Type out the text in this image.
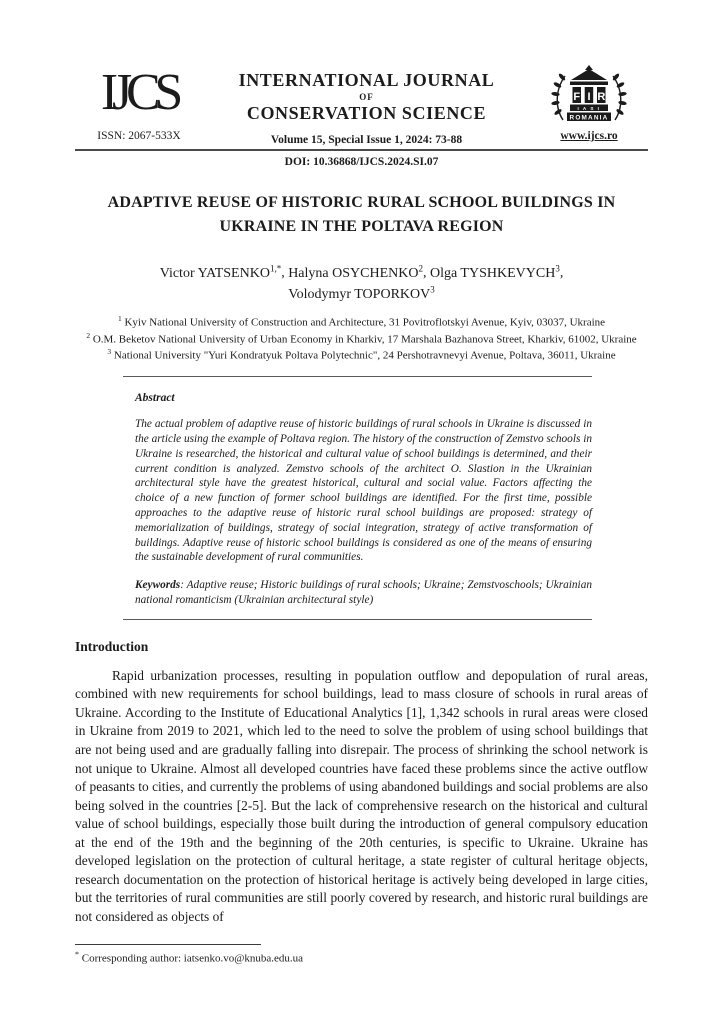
IJCS
ISSN: 2067-533X
INTERNATIONAL JOURNAL
OF
CONSERVATION SCIENCE
Volume 15, Special Issue 1, 2024: 73-88
F I R
I A S I
ROMANIA
www.ijcs.ro
DOI: 10.36868/IJCS.2024.SI.07
ADAPTIVE REUSE OF HISTORIC RURAL SCHOOL BUILDINGS IN
UKRAINE IN THE POLTAVA REGION
Victor $YATSENKO^{1,*}$, Halyna OSYCHENKO$^2$, Olga TYSHKEVYCH$^3$,
Volodymyr TOPORKOV$^3$
$^1$ Kyiv National University of Construction and Architecture, 31 Povitroflotskyi Avenue, Kyiv, 03037, Ukraine
$^2$ O.M. Beketov National University of Urban Economy in Kharkiv, 17 Marshala Bazhanova Street, Kharkiv, 61002, Ukraine
$^3$ National University "Yuri Kondratyuk Poltava Polytechnic", 24 Pershotravnevyi Avenue, Poltava, 36011, Ukraine
Abstract

The actual problem of adaptive reuse of historic buildings of rural schools in Ukraine is discussed in the article using the example of Poltava region. The history of the construction of Zemstvo schools in Ukraine is researched, the historical and cultural value of school buildings is determined, and their current condition is analyzed. Zemstvo schools of the architect O. Slastion in the Ukrainian architectural style have the greatest historical, cultural and social value. Factors affecting the choice of a new function of former school buildings are identified. For the first time, possible approaches to the adaptive reuse of historic rural school buildings are proposed: strategy of memorialization of buildings, strategy of social integration, strategy of active transformation of buildings. Adaptive reuse of historic school buildings is considered as one of the means of ensuring the sustainable development of rural communities.

Keywords: Adaptive reuse; Historic buildings of rural schools; Ukraine; Zemstvoschools; Ukrainian national romanticism (Ukrainian architectural style)

Introduction

Rapid urbanization processes, resulting in population outflow and depopulation of rural areas, combined with new requirements for school buildings, lead to mass closure of schools in rural areas of Ukraine. According to the Institute of Educational Analytics [1], 1,342 schools in rural areas were closed in Ukraine from 2019 to 2021, which led to the need to solve the problem of using school buildings that are not being used and are gradually falling into disrepair. The process of shrinking the school network is not unique to Ukraine. Almost all developed countries have faced these problems since the active outflow of peasants to cities, and currently the problems of using abandoned buildings and social problems are also being solved in the countries [2-5]. But the lack of comprehensive research on the historical and cultural value of school buildings, especially those built during the introduction of general compulsory education at the end of the 19th and the beginning of the 20th centuries, is specific to Ukraine. Ukraine has developed legislation on the protection of cultural heritage, a state register of cultural heritage objects, research documentation on the protection of historical heritage is actively being developed in large cities, but the territories of rural communities are still poorly covered by research, and historic rural buildings are not considered as objects of

* Corresponding author: iatsenko.vo@knuba.edu.ua
